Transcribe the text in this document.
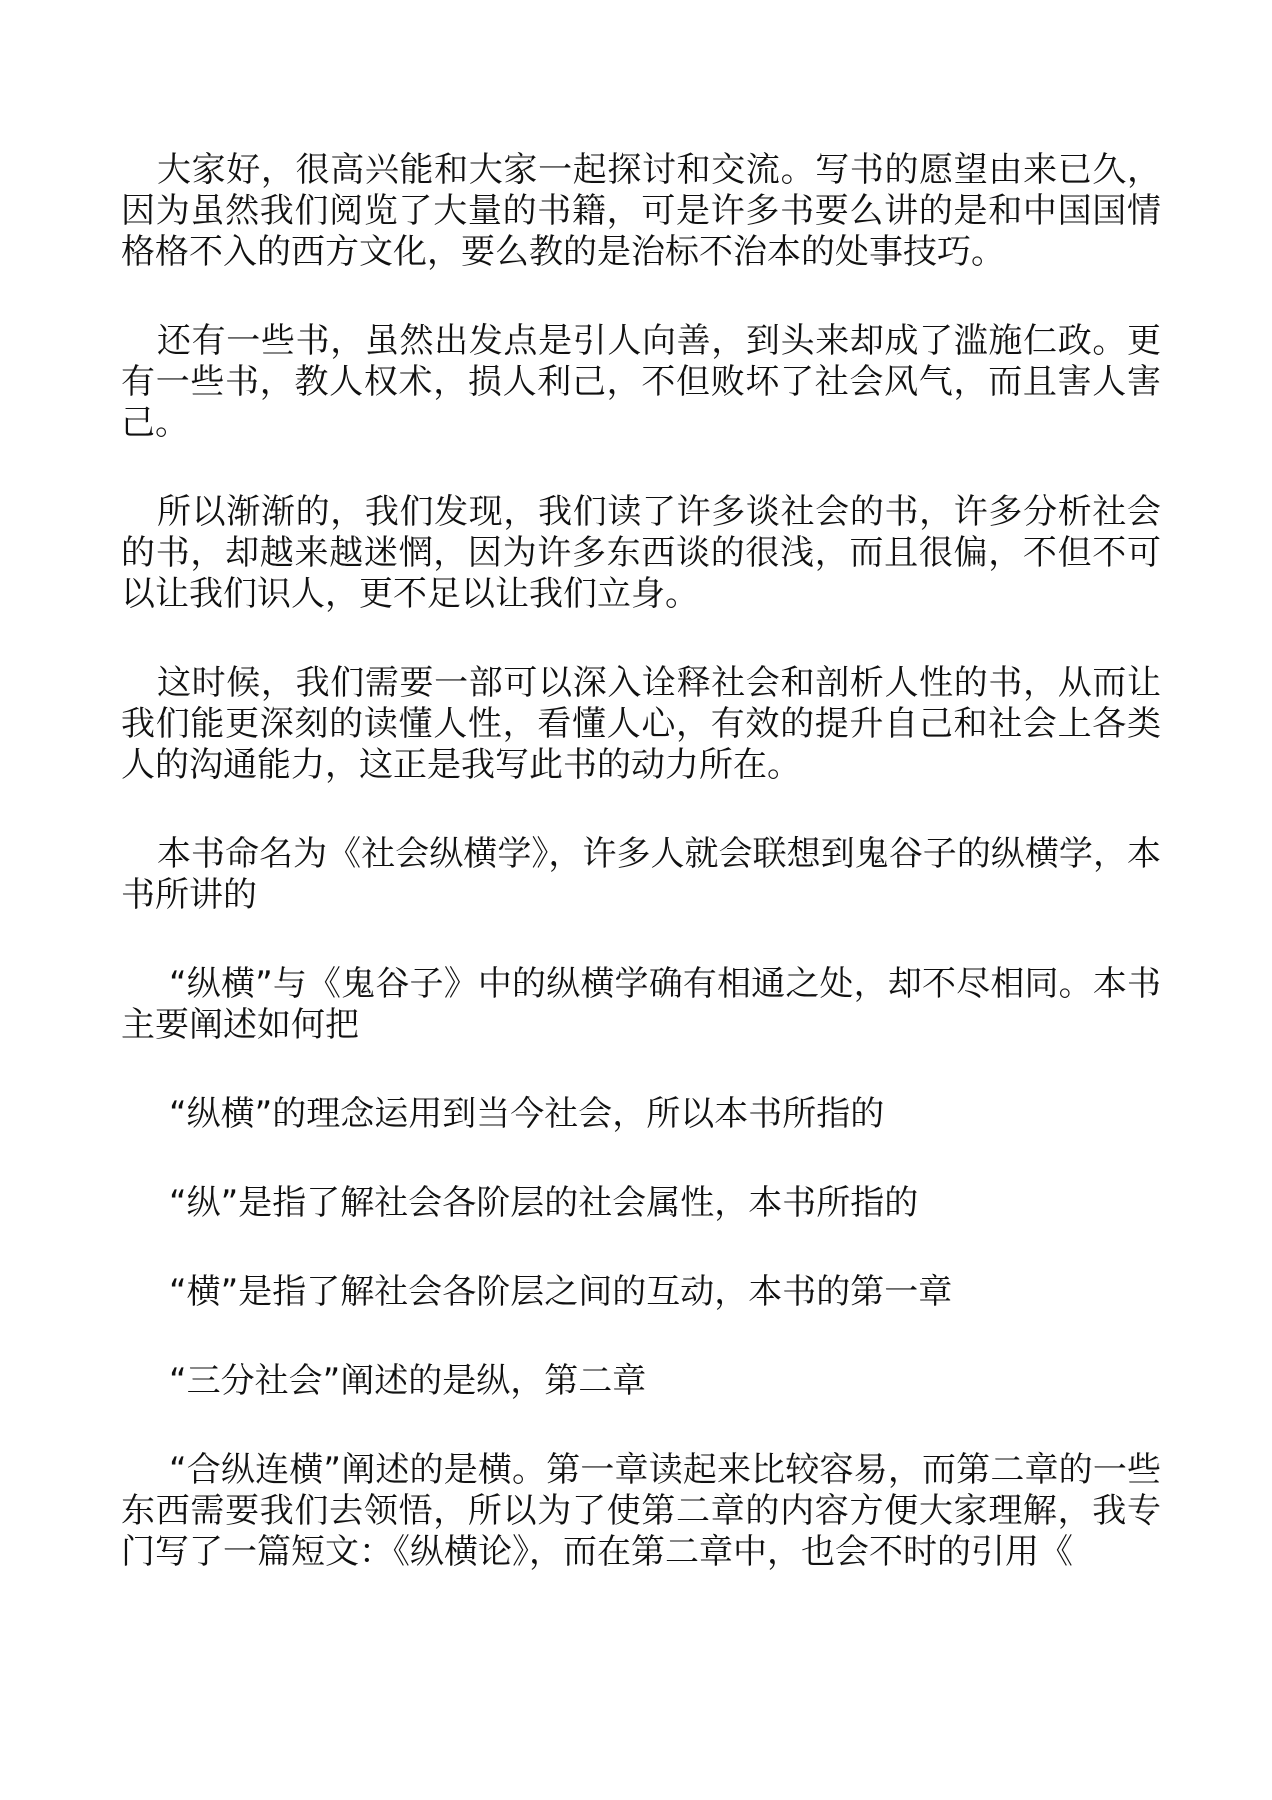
大家好，很高兴能和大家一起探讨和交流。写书的愿望由来已久，因为虽然我们阅览了大量的书籍，可是许多书要么讲的是和中国国情格格不入的西方文化，要么教的是治标不治本的处事技巧。

还有一些书，虽然出发点是引人向善，到头来却成了滥施仁政。更有一些书，教人权术，损人利己，不但败坏了社会风气，而且害人害己。

所以渐渐的，我们发现，我们读了许多谈社会的书，许多分析社会的书，却越来越迷惘，因为许多东西谈的很浅，而且很偏，不但不可以让我们识人，更不足以让我们立身。

这时候，我们需要一部可以深入诠释社会和剖析人性的书，从而让我们能更深刻的读懂人性，看懂人心，有效的提升自己和社会上各类人的沟通能力，这正是我写此书的动力所在。

本书命名为《社会纵横学》，许多人就会联想到鬼谷子的纵横学，本书所讲的

“纵横”与《鬼谷子》中的纵横学确有相通之处，却不尽相同。本书主要阐述如何把

“纵横”的理念运用到当今社会，所以本书所指的

“纵”是指了解社会各阶层的社会属性，本书所指的

“横”是指了解社会各阶层之间的互动，本书的第一章

“三分社会”阐述的是纵，第二章

“合纵连横”阐述的是横。第一章读起来比较容易，而第二章的一些东西需要我们去领悟，所以为了使第二章的内容方便大家理解，我专门写了一篇短文：《纵横论》，而在第二章中，也会不时的引用《
